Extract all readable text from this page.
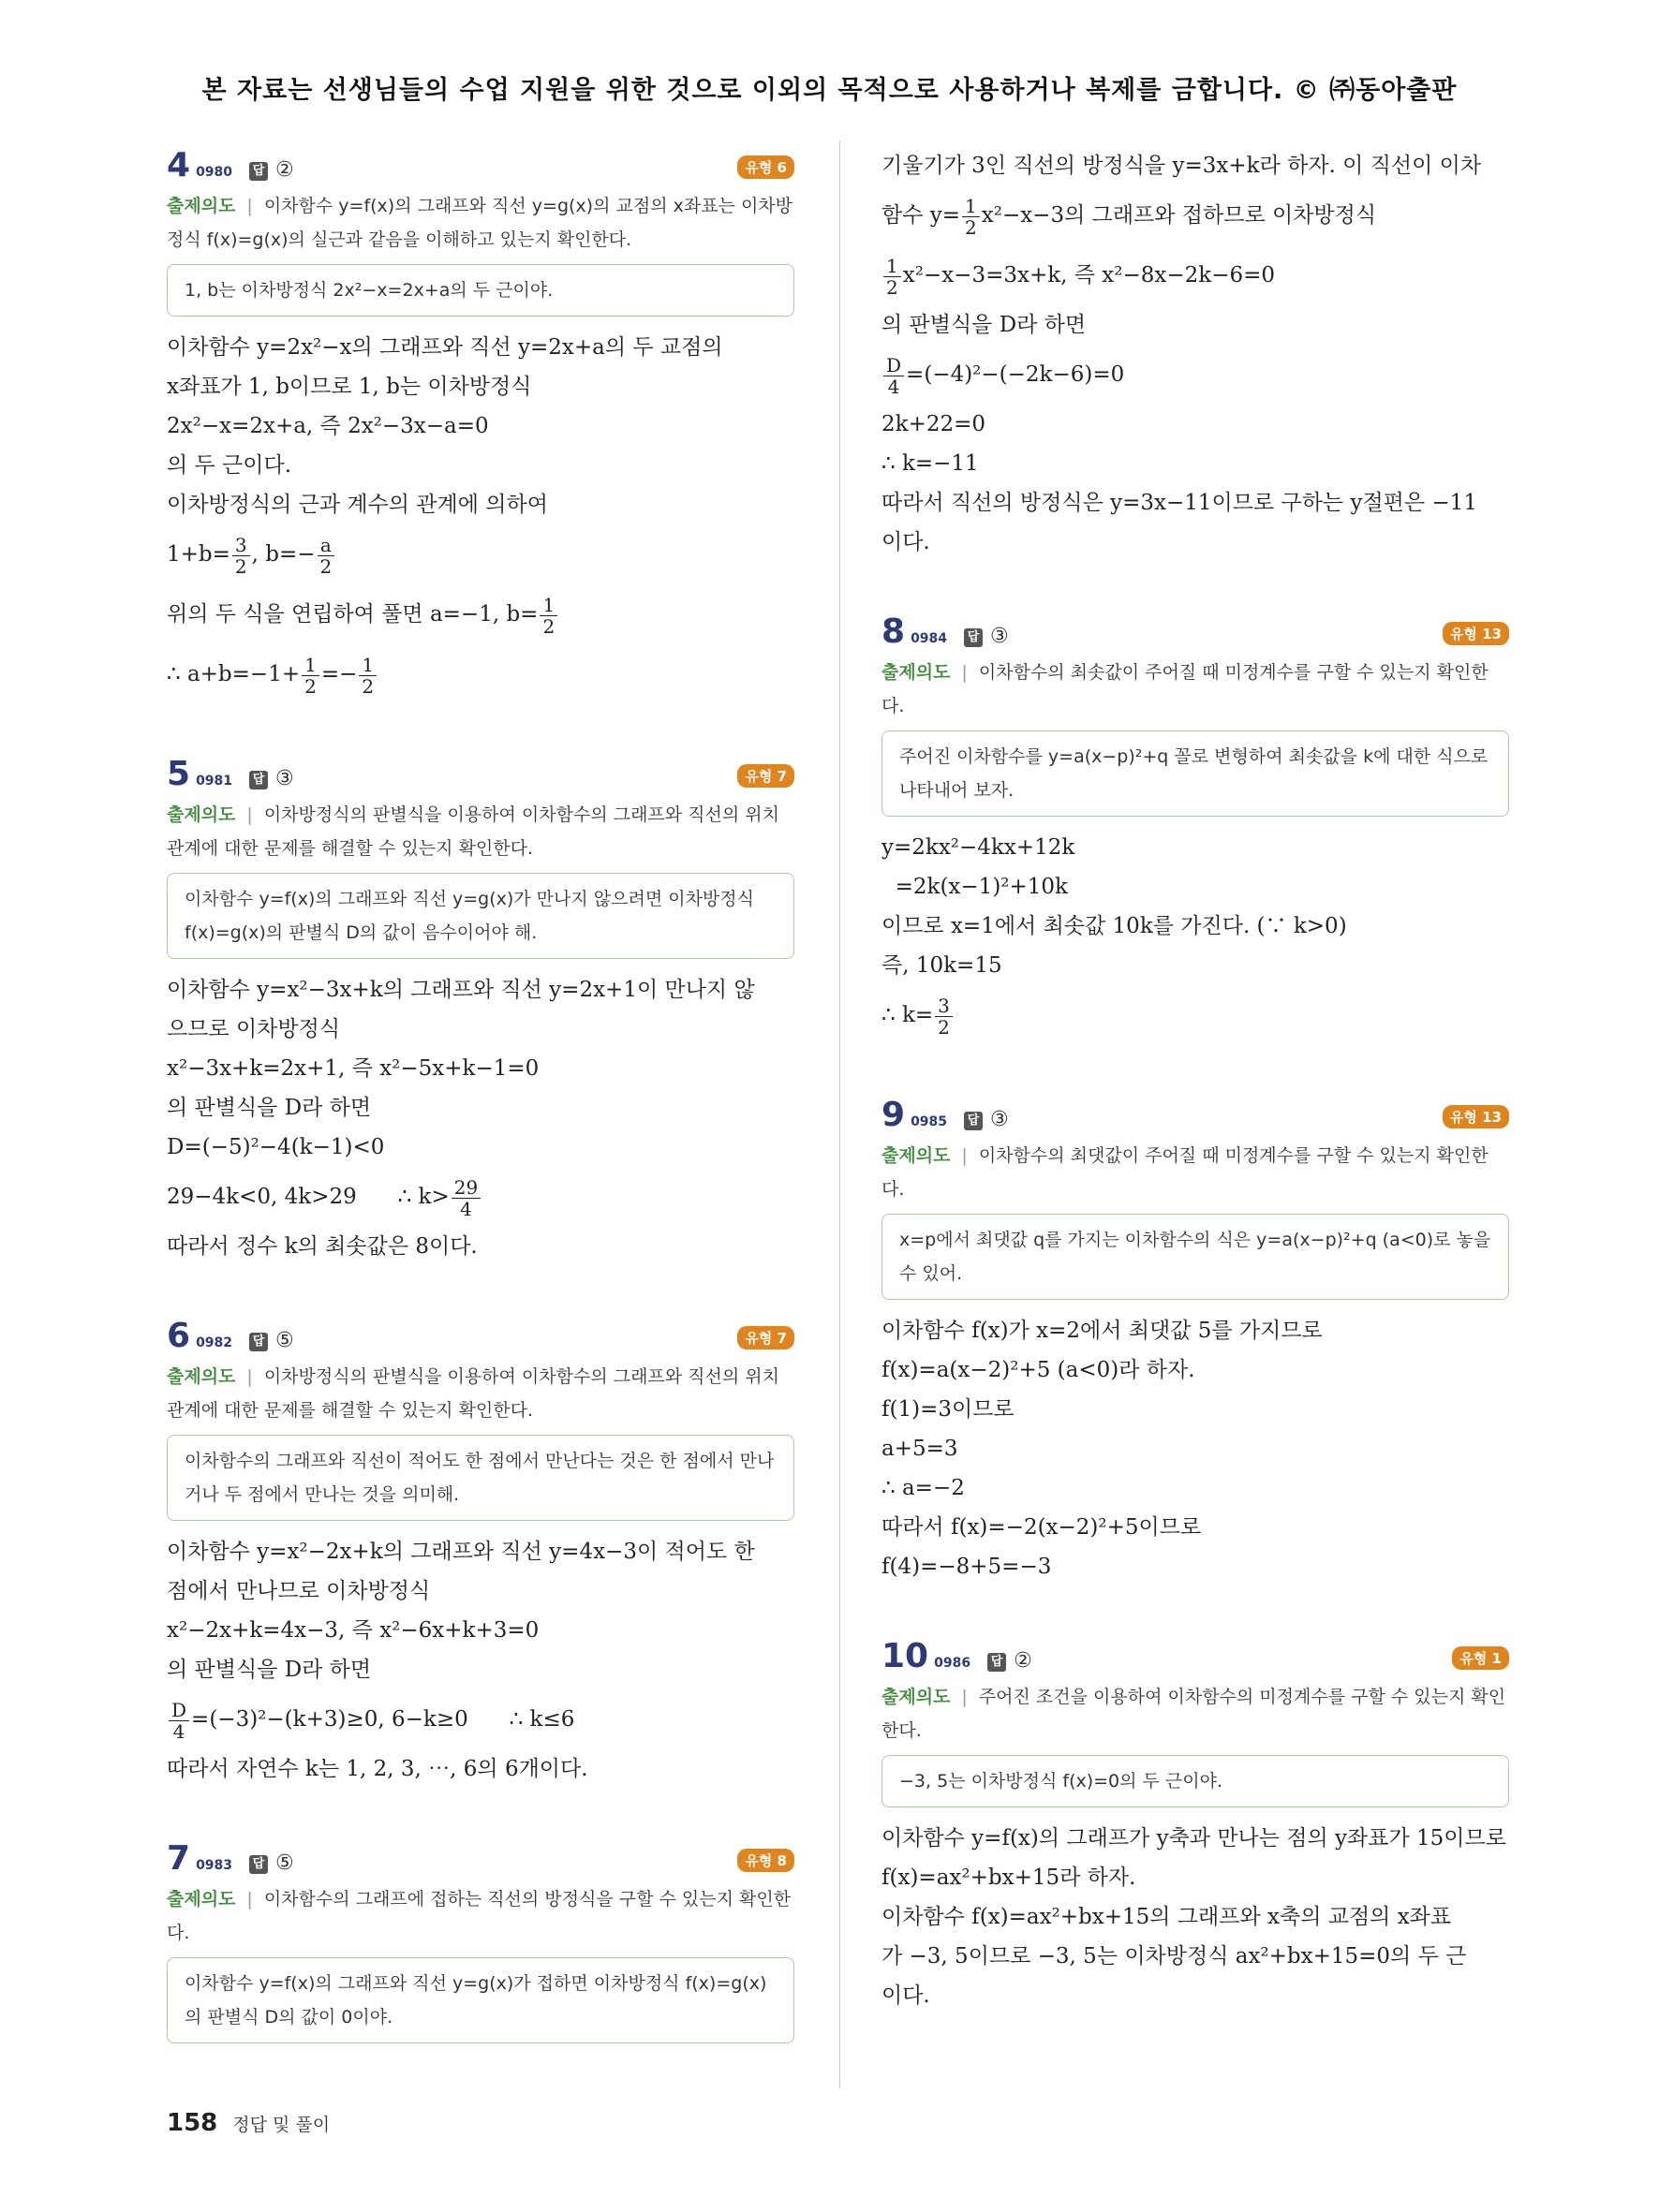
본 자료는 선생님들의 수업 지원을 위한 것으로 이외의 목적으로 사용하거나 복제를 금합니다. © ㈜동아출판
4 0980 답 ②	유형 6
출제의도 | 이차함수 y=f(x)의 그래프와 직선 y=g(x)의 교점의 x좌표는 이차방정식 f(x)=g(x)의 실근과 같음을 이해하고 있는지 확인한다.
1, b는 이차방정식 2x²−x=2x+a의 두 근이야.
이차함수 y=2x²−x의 그래프와 직선 y=2x+a의 두 교점의
x좌표가 1, b이므로 1, b는 이차방정식
2x²−x=2x+a, 즉 2x²−3x−a=0
의 두 근이다.
이차방정식의 근과 계수의 관계에 의하여
$1+b= \frac{3}{2}$ , $b=- \frac{a}{2}$
위의 두 식을 연립하여 풀면 a=−1, $b= \frac{1}{2}$
∴ $a+b=-1+ \frac{1}{2} =- \frac{1}{2}$
5 0981 답 ③	유형 7
출제의도 | 이차방정식의 판별식을 이용하여 이차함수의 그래프와 직선의 위치 관계에 대한 문제를 해결할 수 있는지 확인한다.
이차함수 y=f(x)의 그래프와 직선 y=g(x)가 만나지 않으려면 이차방정식 f(x)=g(x)의 판별식 D의 값이 음수이어야 해.
이차함수 y=x²−3x+k의 그래프와 직선 y=2x+1이 만나지 않
으므로 이차방정식
x²−3x+k=2x+1, 즉 x²−5x+k−1=0
의 판별식을 D라 하면
D=(−5)²−4(k−1)<0
29−4k<0, 4k>29      ∴ $k> \frac{29}{4}$
따라서 정수 k의 최솟값은 8이다.
6 0982 답 ⑤	유형 7
출제의도 | 이차방정식의 판별식을 이용하여 이차함수의 그래프와 직선의 위치 관계에 대한 문제를 해결할 수 있는지 확인한다.
이차함수의 그래프와 직선이 적어도 한 점에서 만난다는 것은 한 점에서 만나거나 두 점에서 만나는 것을 의미해.
이차함수 y=x²−2x+k의 그래프와 직선 y=4x−3이 적어도 한
점에서 만나므로 이차방정식
x²−2x+k=4x−3, 즉 x²−6x+k+3=0
의 판별식을 D라 하면
$\frac{D}{4} =(-3)^2-(k+3)\ge 0$, 6−k≥0      ∴ k≤6
따라서 자연수 k는 1, 2, 3, ⋯, 6의 6개이다.
7 0983 답 ⑤	유형 8
출제의도 | 이차함수의 그래프에 접하는 직선의 방정식을 구할 수 있는지 확인한다.
이차함수 y=f(x)의 그래프와 직선 y=g(x)가 접하면 이차방정식 f(x)=g(x)의 판별식 D의 값이 0이야.
기울기가 3인 직선의 방정식을 y=3x+k라 하자. 이 직선이 이차
함수 $y= \frac{1}{2} x^2-x-3$의 그래프와 접하므로 이차방정식
$\frac{1}{2} x^2-x-3=3x+k$, 즉 x²−8x−2k−6=0
의 판별식을 D라 하면
$\frac{D}{4} =(-4)^2-(-2k-6)=0$
2k+22=0
∴ k=−11
따라서 직선의 방정식은 y=3x−11이므로 구하는 y절편은 −11
이다.
8 0984 답 ③	유형 13
출제의도 | 이차함수의 최솟값이 주어질 때 미정계수를 구할 수 있는지 확인한다.
주어진 이차함수를 y=a(x−p)²+q 꼴로 변형하여 최솟값을 k에 대한 식으로 나타내어 보자.
y=2kx²−4kx+12k
=2k(x−1)²+10k
이므로 x=1에서 최솟값 10k를 가진다. (∵ k>0)
즉, 10k=15
∴ $k= \frac{3}{2}$
9 0985 답 ③	유형 13
출제의도 | 이차함수의 최댓값이 주어질 때 미정계수를 구할 수 있는지 확인한다.
x=p에서 최댓값 q를 가지는 이차함수의 식은 y=a(x−p)²+q (a<0)로 놓을 수 있어.
이차함수 f(x)가 x=2에서 최댓값 5를 가지므로
f(x)=a(x−2)²+5 (a<0)라 하자.
f(1)=3이므로
a+5=3
∴ a=−2
따라서 f(x)=−2(x−2)²+5이므로
f(4)=−8+5=−3
10 0986 답 ②	유형 1
출제의도 | 주어진 조건을 이용하여 이차함수의 미정계수를 구할 수 있는지 확인한다.
−3, 5는 이차방정식 f(x)=0의 두 근이야.
이차함수 y=f(x)의 그래프가 y축과 만나는 점의 y좌표가 15이므로
f(x)=ax²+bx+15라 하자.
이차함수 f(x)=ax²+bx+15의 그래프와 x축의 교점의 x좌표
가 −3, 5이므로 −3, 5는 이차방정식 ax²+bx+15=0의 두 근
이다.
158 정답 및 풀이
